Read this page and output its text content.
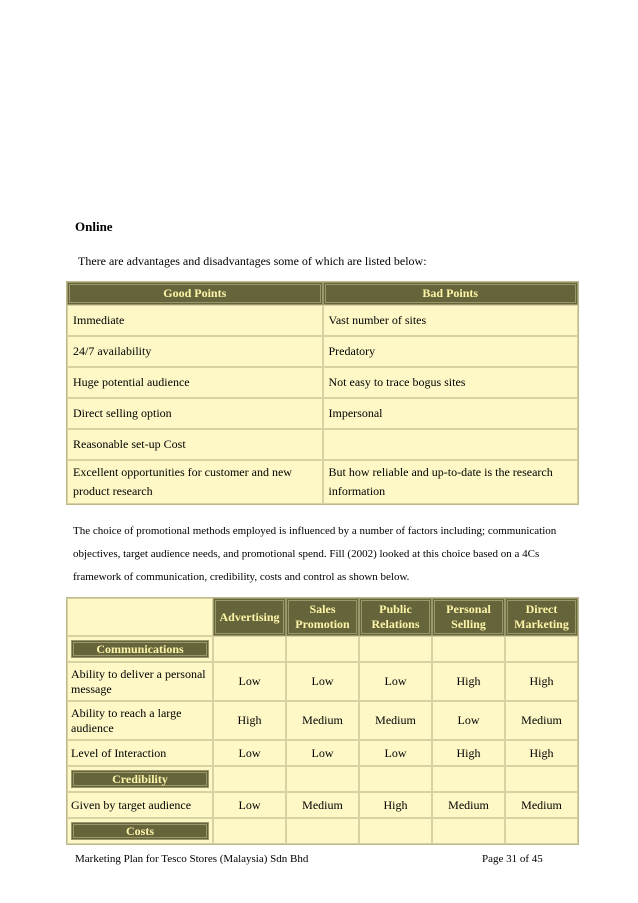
Online
There are advantages and disadvantages some of which are listed below:
Good Points	Bad Points
Immediate	Vast number of sites
24/7 availability	Predatory
Huge potential audience	Not easy to trace bogus sites
Direct selling option	Impersonal
Reasonable set-up Cost	
Excellent opportunities for customer and new product research	But how reliable and up-to-date is the research information
The choice of promotional methods employed is influenced by a number of factors including; communication objectives, target audience needs, and promotional spend. Fill (2002) looked at this choice based on a 4Cs framework of communication, credibility, costs and control as shown below.
	Advertising	Sales Promotion	Public Relations	Personal Selling	Direct Marketing

Communications					

Ability to deliver a personal message	Low	Low	Low	High	High
Ability to reach a large audience	High	Medium	Medium	Low	Medium
Level of Interaction	Low	Low	Low	High	High

Credibility					

Given by target audience	Low	Medium	High	Medium	Medium

Costs					

Marketing Plan for Tesco Stores (Malaysia) Sdn Bhd	Page 31 of 45
